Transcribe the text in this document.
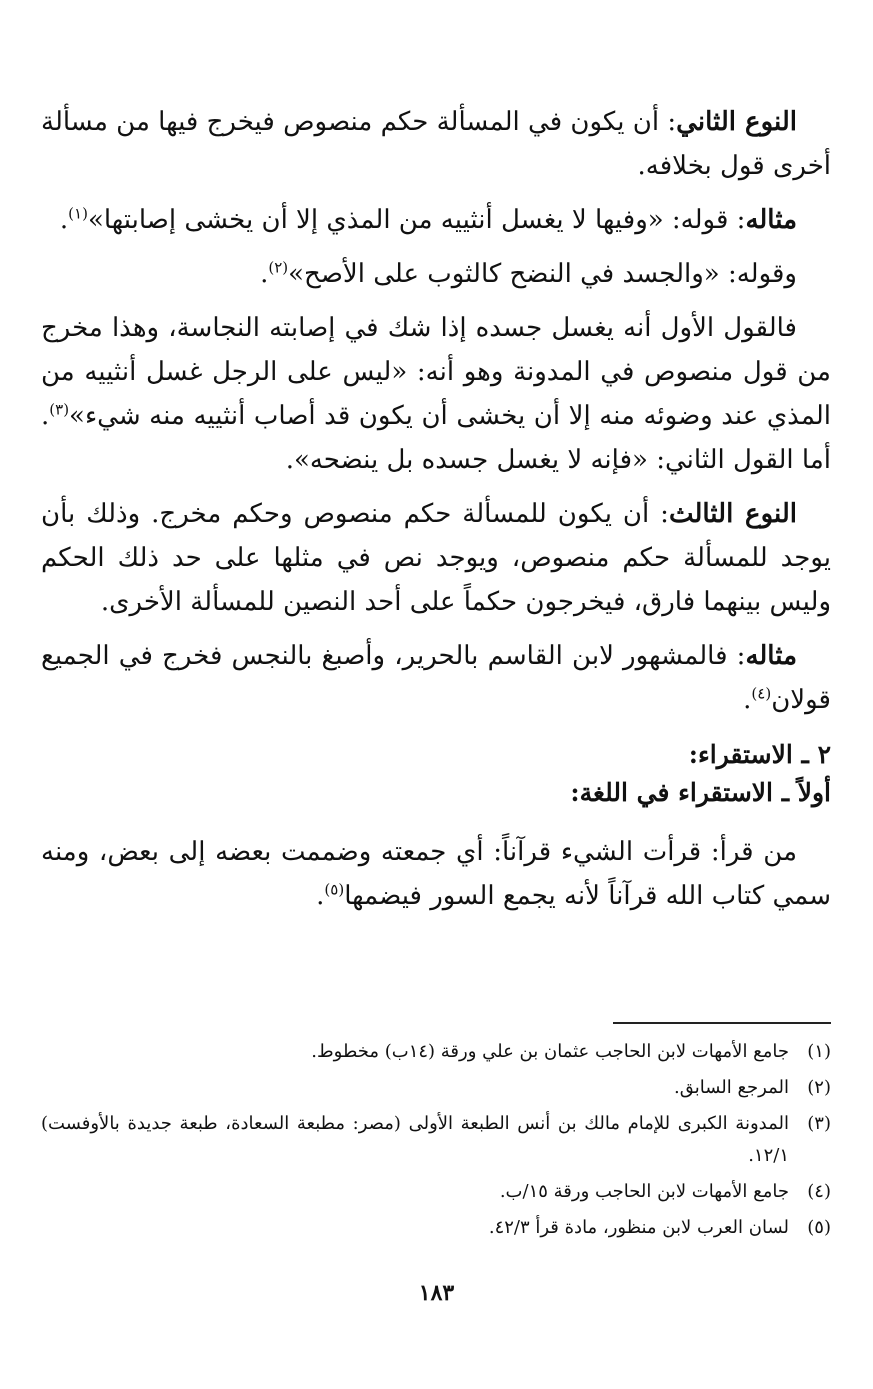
النوع الثاني: أن يكون في المسألة حكم منصوص فيخرج فيها من مسألة أخرى قول بخلافه.

مثاله: قوله: «وفيها لا يغسل أنثييه من المذي إلا أن يخشى إصابتها»$^{(١)}$.

وقوله: «والجسد في النضح كالثوب على الأصح»$^{(٢)}$.

فالقول الأول أنه يغسل جسده إذا شك في إصابته النجاسة، وهذا مخرج من قول منصوص في المدونة وهو أنه: «ليس على الرجل غسل أنثييه من المذي عند وضوئه منه إلا أن يخشى أن يكون قد أصاب أنثييه منه شيء»$^{(٣)}$. أما القول الثاني: «فإنه لا يغسل جسده بل ينضحه».

النوع الثالث: أن يكون للمسألة حكم منصوص وحكم مخرج. وذلك بأن يوجد للمسألة حكم منصوص، ويوجد نص في مثلها على حد ذلك الحكم وليس بينهما فارق، فيخرجون حكماً على أحد النصين للمسألة الأخرى.

مثاله: فالمشهور لابن القاسم بالحرير، وأصبغ بالنجس فخرج في الجميع قولان$^{(٤)}$.

٢ ـ الاستقراء:

أولاً ـ الاستقراء في اللغة:

من قرأ: قرأت الشيء قرآناً: أي جمعته وضممت بعضه إلى بعض، ومنه سمي كتاب الله قرآناً لأنه يجمع السور فيضمها$^{(٥)}$.

(١)
جامع الأمهات لابن الحاجب عثمان بن علي ورقة (١٤ب) مخطوط.
(٢)
المرجع السابق.
(٣)
المدونة الكبرى للإمام مالك بن أنس الطبعة الأولى (مصر: مطبعة السعادة، طبعة جديدة بالأوفست) ١٢/١.
(٤)
جامع الأمهات لابن الحاجب ورقة ١٥/ب.
(٥)
لسان العرب لابن منظور، مادة قرأ ٤٢/٣.
١٨٣
